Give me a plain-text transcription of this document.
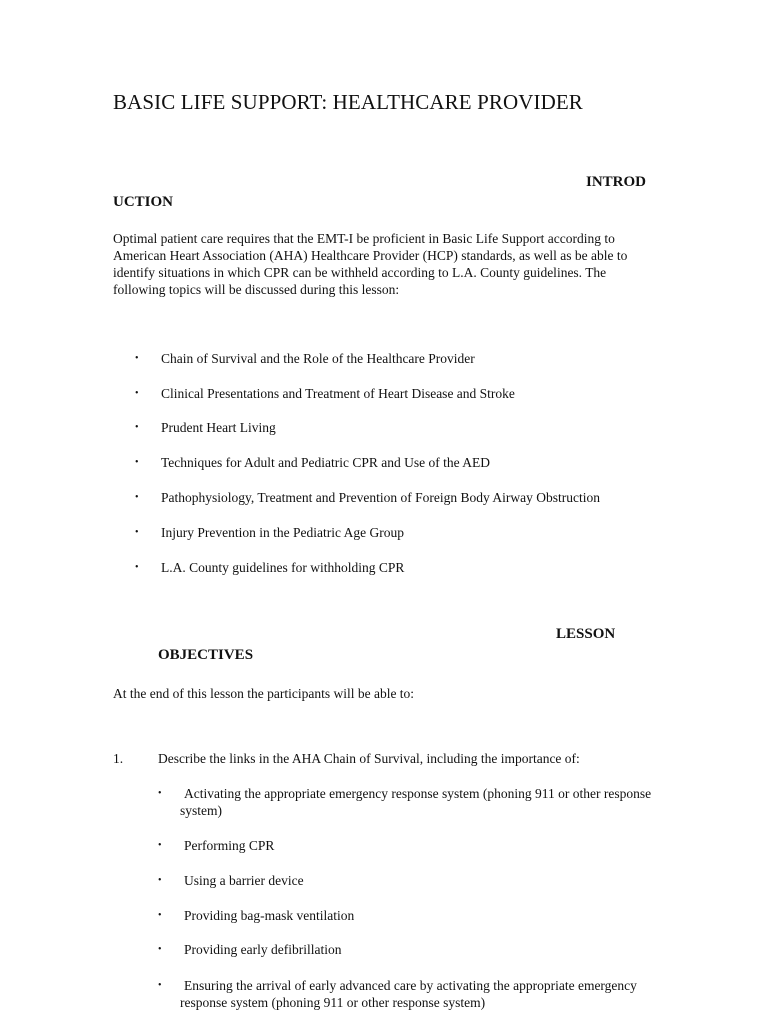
BASIC LIFE SUPPORT: HEALTHCARE PROVIDER
INTROD
UCTION

Optimal patient care requires that the EMT-I be proficient in Basic Life Support according to American Heart Association (AHA) Healthcare Provider (HCP) standards, as well as be able to identify situations in which CPR can be withheld according to L.A. County guidelines. The following topics will be discussed during this lesson:

• Chain of Survival and the Role of the Healthcare Provider
• Clinical Presentations and Treatment of Heart Disease and Stroke
• Prudent Heart Living
• Techniques for Adult and Pediatric CPR and Use of the AED
• Pathophysiology, Treatment and Prevention of Foreign Body Airway Obstruction
• Injury Prevention in the Pediatric Age Group
• L.A. County guidelines for withholding CPR
LESSON
OBJECTIVES

At the end of this lesson the participants will be able to:

1.	Describe the links in the AHA Chain of Survival, including the importance of:
• Activating the appropriate emergency response system (phoning 911 or other response system)
• Performing CPR
• Using a barrier device
• Providing bag-mask ventilation
• Providing early defibrillation
• Ensuring the arrival of early advanced care by activating the appropriate emergency response system (phoning 911 or other response system)
